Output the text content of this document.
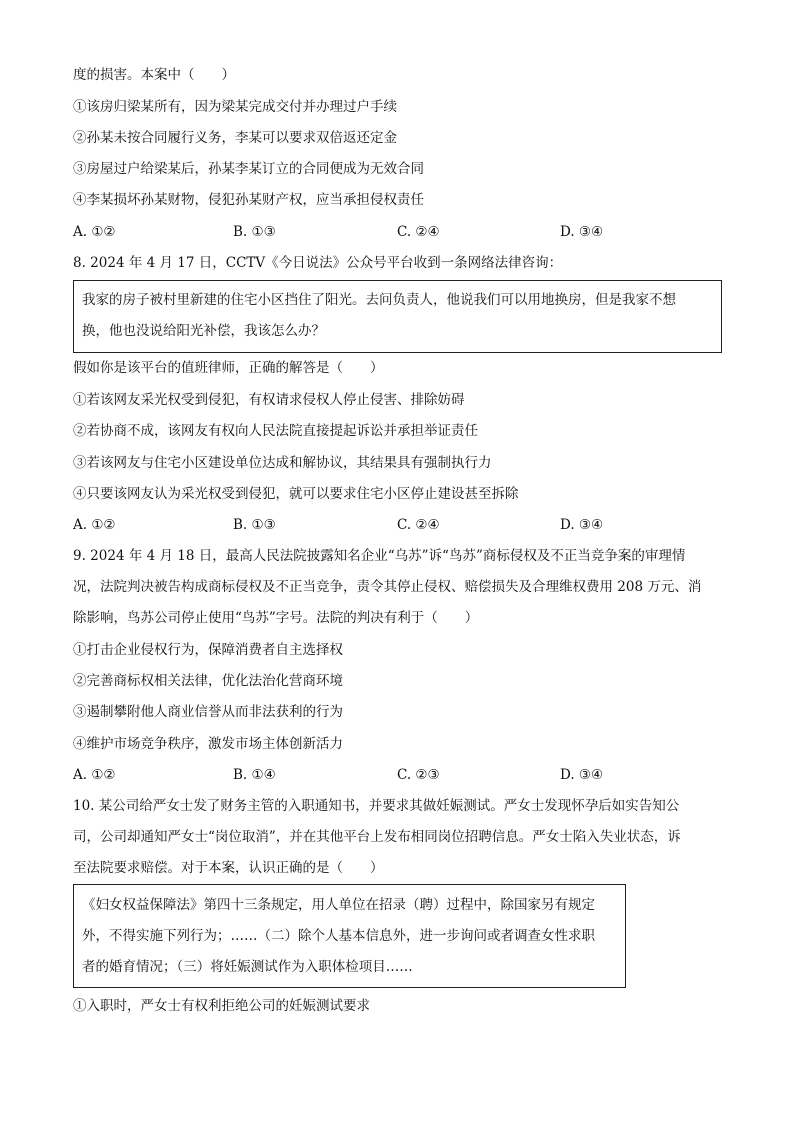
度的损害。本案中（　　）
①该房归梁某所有，因为梁某完成交付并办理过户手续
②孙某未按合同履行义务，李某可以要求双倍返还定金
③房屋过户给梁某后，孙某李某订立的合同便成为无效合同
④李某损坏孙某财物，侵犯孙某财产权，应当承担侵权责任
A. ①②	B. ①③	C. ②④	D. ③④
8. 2024 年 4 月 17 日，CCTV《今日说法》公众号平台收到一条网络法律咨询：
我家的房子被村里新建的住宅小区挡住了阳光。去问负责人，他说我们可以用地换房，但是我家不想
换，他也没说给阳光补偿，我该怎么办？
假如你是该平台的值班律师，正确的解答是（　　）
①若该网友采光权受到侵犯，有权请求侵权人停止侵害、排除妨碍
②若协商不成，该网友有权向人民法院直接提起诉讼并承担举证责任
③若该网友与住宅小区建设单位达成和解协议，其结果具有强制执行力
④只要该网友认为采光权受到侵犯，就可以要求住宅小区停止建设甚至拆除
A. ①②	B. ①③	C. ②④	D. ③④
9. 2024 年 4 月 18 日，最高人民法院披露知名企业“乌苏”诉“鸟苏”商标侵权及不正当竞争案的审理情
况，法院判决被告构成商标侵权及不正当竞争，责令其停止侵权、赔偿损失及合理维权费用 208 万元、消
除影响，鸟苏公司停止使用“鸟苏”字号。法院的判决有利于（　　）
①打击企业侵权行为，保障消费者自主选择权
②完善商标权相关法律，优化法治化营商环境
③遏制攀附他人商业信誉从而非法获利的行为
④维护市场竞争秩序，激发市场主体创新活力
A. ①②	B. ①④	C. ②③	D. ③④
10. 某公司给严女士发了财务主管的入职通知书，并要求其做妊娠测试。严女士发现怀孕后如实告知公
司，公司却通知严女士“岗位取消”，并在其他平台上发布相同岗位招聘信息。严女士陷入失业状态，诉
至法院要求赔偿。对于本案，认识正确的是（　　）
《妇女权益保障法》第四十三条规定，用人单位在招录（聘）过程中，除国家另有规定
外，不得实施下列行为；……（二）除个人基本信息外，进一步询问或者调查女性求职
者的婚育情况；（三）将妊娠测试作为入职体检项目……
①入职时，严女士有权利拒绝公司的妊娠测试要求
